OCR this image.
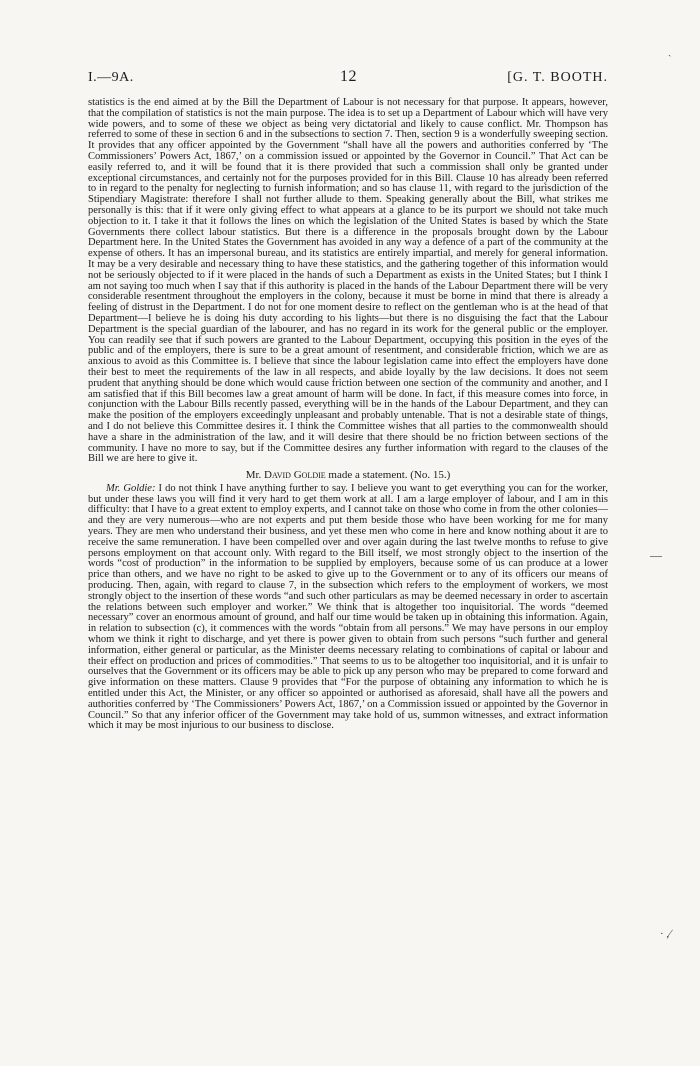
I.—9A.	12	[G. T. BOOTH.

statistics is the end aimed at by the Bill the Department of Labour is not necessary for that purpose. It appears, however, that the compilation of statistics is not the main purpose. The idea is to set up a Department of Labour which will have very wide powers, and to some of these we object as being very dictatorial and likely to cause conflict. Mr. Thompson has referred to some of these in section 6 and in the subsections to section 7. Then, section 9 is a wonderfully sweeping section. It provides that any officer appointed by the Government “shall have all the powers and authorities conferred by ‘The Commissioners’ Powers Act, 1867,’ on a commission issued or appointed by the Governor in Council.” That Act can be easily referred to, and it will be found that it is there provided that such a commission shall only be granted under exceptional circumstances, and certainly not for the purposes provided for in this Bill. Clause 10 has already been referred to in regard to the penalty for neglecting to furnish information; and so has clause 11, with regard to the jurisdiction of the Stipendiary Magistrate: therefore I shall not further allude to them. Speaking generally about the Bill, what strikes me personally is this: that if it were only giving effect to what appears at a glance to be its purport we should not take much objection to it. I take it that it follows the lines on which the legislation of the United States is based by which the State Governments there collect labour statistics. But there is a difference in the proposals brought down by the Labour Department here. In the United States the Government has avoided in any way a defence of a part of the community at the expense of others. It has an impersonal bureau, and its statistics are entirely impartial, and merely for general information. It may be a very desirable and necessary thing to have these statistics, and the gathering together of this information would not be seriously objected to if it were placed in the hands of such a Department as exists in the United States; but I think I am not saying too much when I say that if this authority is placed in the hands of the Labour Department there will be very considerable resentment throughout the employers in the colony, because it must be borne in mind that there is already a feeling of distrust in the Department. I do not for one moment desire to reflect on the gentleman who is at the head of that Department—I believe he is doing his duty according to his lights—but there is no disguising the fact that the Labour Department is the special guardian of the labourer, and has no regard in its work for the general public or the employer. You can readily see that if such powers are granted to the Labour Department, occupying this position in the eyes of the public and of the employers, there is sure to be a great amount of resentment, and considerable friction, which we are as anxious to avoid as this Committee is. I believe that since the labour legislation came into effect the employers have done their best to meet the requirements of the law in all respects, and abide loyally by the law decisions. It does not seem prudent that anything should be done which would cause friction between one section of the community and another, and I am satisfied that if this Bill becomes law a great amount of harm will be done. In fact, if this measure comes into force, in conjunction with the Labour Bills recently passed, everything will be in the hands of the Labour Department, and they can make the position of the employers exceedingly unpleasant and probably untenable. That is not a desirable state of things, and I do not believe this Committee desires it. I think the Committee wishes that all parties to the commonwealth should have a share in the administration of the law, and it will desire that there should be no friction between sections of the community. I have no more to say, but if the Committee desires any further information with regard to the clauses of the Bill we are here to give it.

Mr. David Goldie made a statement. (No. 15.)

Mr. Goldie: I do not think I have anything further to say. I believe you want to get everything you can for the worker, but under these laws you will find it very hard to get them work at all. I am a large employer of labour, and I am in this difficulty: that I have to a great extent to employ experts, and I cannot take on those who come in from the other colonies—and they are very numerous—who are not experts and put them beside those who have been working for me for many years. They are men who understand their business, and yet these men who come in here and know nothing about it are to receive the same remuneration. I have been compelled over and over again during the last twelve months to refuse to give persons employment on that account only. With regard to the Bill itself, we most strongly object to the insertion of the words “cost of production” in the information to be supplied by employers, because some of us can produce at a lower price than others, and we have no right to be asked to give up to the Government or to any of its officers our means of producing. Then, again, with regard to clause 7, in the subsection which refers to the employment of workers, we most strongly object to the insertion of these words “and such other particulars as may be deemed necessary in order to ascertain the relations between such employer and worker.” We think that is altogether too inquisitorial. The words “deemed necessary” cover an enormous amount of ground, and half our time would be taken up in obtaining this information. Again, in relation to subsection (c), it commences with the words “obtain from all persons.” We may have persons in our employ whom we think it right to discharge, and yet there is power given to obtain from such persons “such further and general information, either general or particular, as the Minister deems necessary relating to combinations of capital or labour and their effect on production and prices of commodities.” That seems to us to be altogether too inquisitorial, and it is unfair to ourselves that the Government or its officers may be able to pick up any person who may be prepared to come forward and give information on these matters. Clause 9 provides that “For the purpose of obtaining any information to which he is entitled under this Act, the Minister, or any officer so appointed or authorised as aforesaid, shall have all the powers and authorities conferred by ‘The Commissioners’ Powers Act, 1867,’ on a Commission issued or appointed by the Governor in Council.” So that any inferior officer of the Government may take hold of us, summon witnesses, and extract information which it may be most injurious to our business to disclose.

ˎ
—
· ,∕
